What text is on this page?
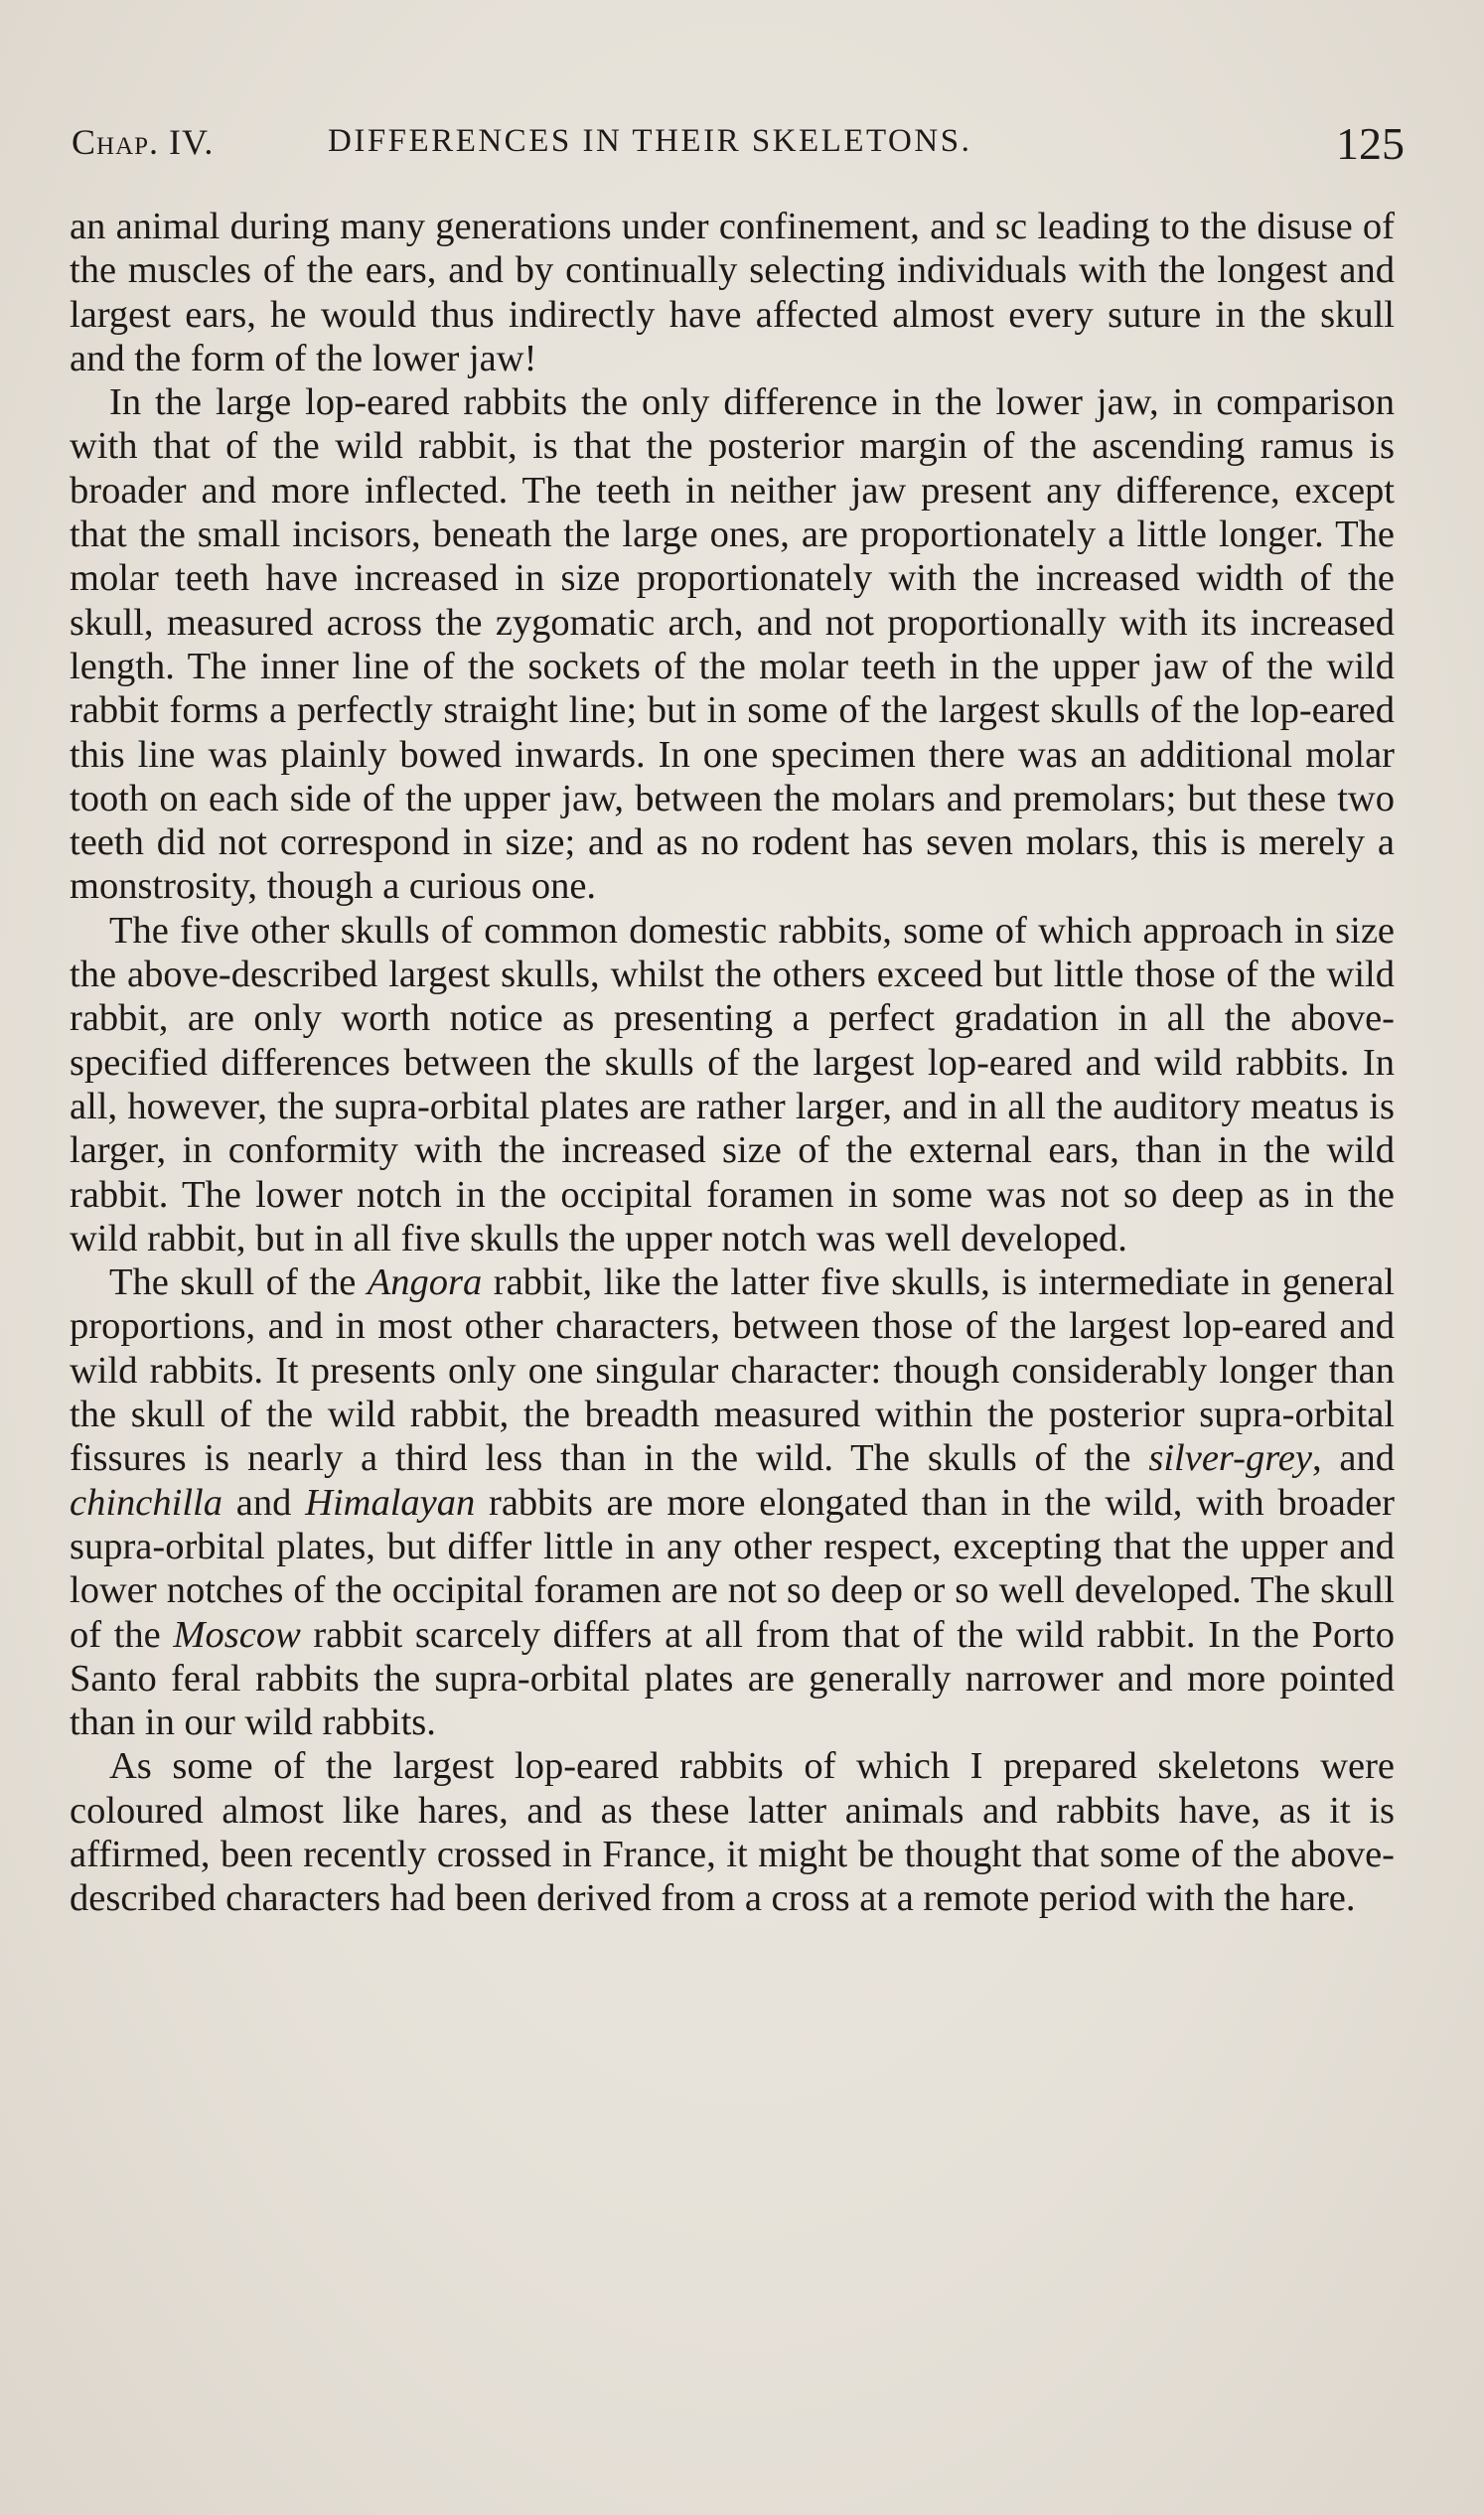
Chap. IV.	DIFFERENCES IN THEIR SKELETONS.	125

an animal during many generations under confinement, and sc leading to the disuse of the muscles of the ears, and by continually selecting individuals with the longest and largest ears, he would thus indirectly have affected almost every suture in the skull and the form of the lower jaw!

In the large lop-eared rabbits the only difference in the lower jaw, in comparison with that of the wild rabbit, is that the posterior margin of the ascending ramus is broader and more inflected. The teeth in neither jaw present any difference, except that the small incisors, beneath the large ones, are proportionately a little longer. The molar teeth have increased in size proportionately with the increased width of the skull, measured across the zygomatic arch, and not proportionally with its increased length. The inner line of the sockets of the molar teeth in the upper jaw of the wild rabbit forms a perfectly straight line; but in some of the largest skulls of the lop-eared this line was plainly bowed inwards. In one specimen there was an additional molar tooth on each side of the upper jaw, between the molars and premolars; but these two teeth did not correspond in size; and as no rodent has seven molars, this is merely a monstrosity, though a curious one.

The five other skulls of common domestic rabbits, some of which approach in size the above-described largest skulls, whilst the others exceed but little those of the wild rabbit, are only worth notice as presenting a perfect gradation in all the above-specified differences between the skulls of the largest lop-eared and wild rabbits. In all, however, the supra-orbital plates are rather larger, and in all the auditory meatus is larger, in conformity with the increased size of the external ears, than in the wild rabbit. The lower notch in the occipital foramen in some was not so deep as in the wild rabbit, but in all five skulls the upper notch was well developed.

The skull of the Angora rabbit, like the latter five skulls, is intermediate in general proportions, and in most other characters, between those of the largest lop-eared and wild rabbits. It presents only one singular character: though considerably longer than the skull of the wild rabbit, the breadth measured within the posterior supra-orbital fissures is nearly a third less than in the wild. The skulls of the silver-grey, and chinchilla and Himalayan rabbits are more elongated than in the wild, with broader supra-orbital plates, but differ little in any other respect, excepting that the upper and lower notches of the occipital foramen are not so deep or so well developed. The skull of the Moscow rabbit scarcely differs at all from that of the wild rabbit. In the Porto Santo feral rabbits the supra-orbital plates are generally narrower and more pointed than in our wild rabbits.

As some of the largest lop-eared rabbits of which I prepared skeletons were coloured almost like hares, and as these latter animals and rabbits have, as it is affirmed, been recently crossed in France, it might be thought that some of the above-described characters had been derived from a cross at a remote period with the hare.
